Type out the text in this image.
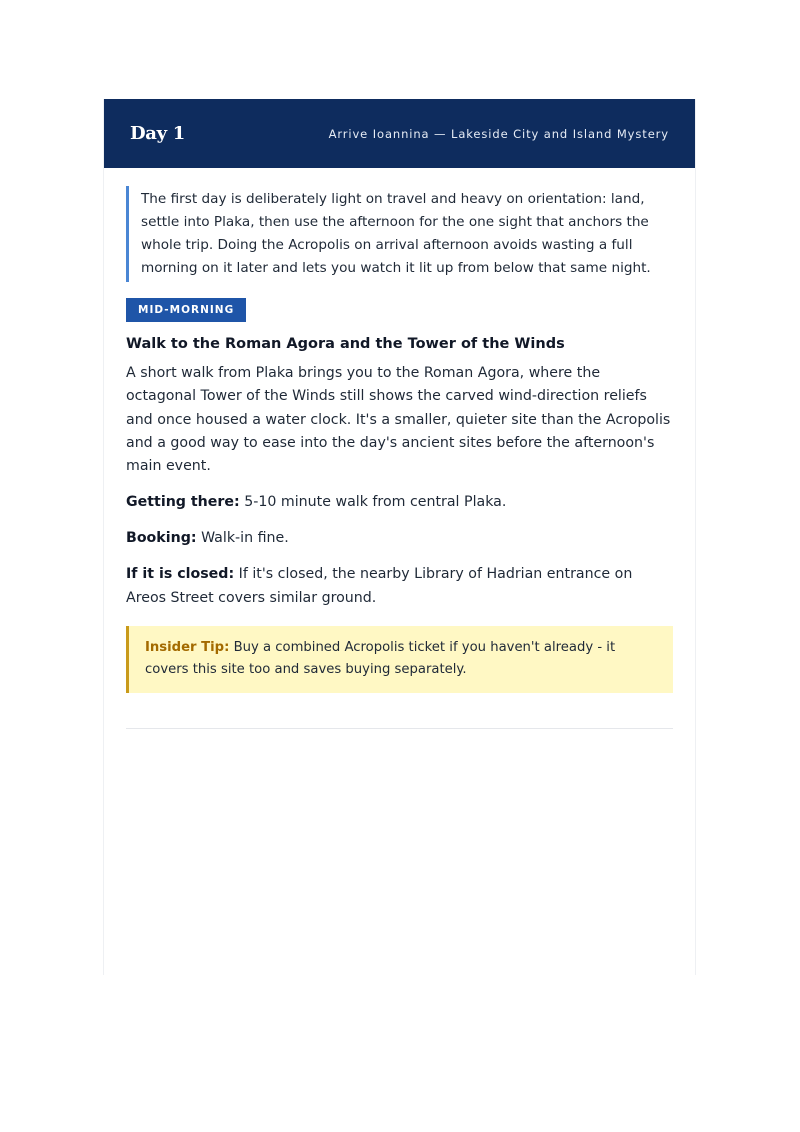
Day 1	Arrive Ioannina — Lakeside City and Island Mystery
The first day is deliberately light on travel and heavy on orientation: land, settle into Plaka, then use the afternoon for the one sight that anchors the whole trip. Doing the Acropolis on arrival afternoon avoids wasting a full morning on it later and lets you watch it lit up from below that same night.
MID-MORNING
Walk to the Roman Agora and the Tower of the Winds
A short walk from Plaka brings you to the Roman Agora, where the octagonal Tower of the Winds still shows the carved wind-direction reliefs and once housed a water clock. It's a smaller, quieter site than the Acropolis and a good way to ease into the day's ancient sites before the afternoon's main event.
Getting there: 5-10 minute walk from central Plaka.
Booking: Walk-in fine.
If it is closed: If it's closed, the nearby Library of Hadrian entrance on Areos Street covers similar ground.
Insider Tip: Buy a combined Acropolis ticket if you haven't already - it covers this site too and saves buying separately.
